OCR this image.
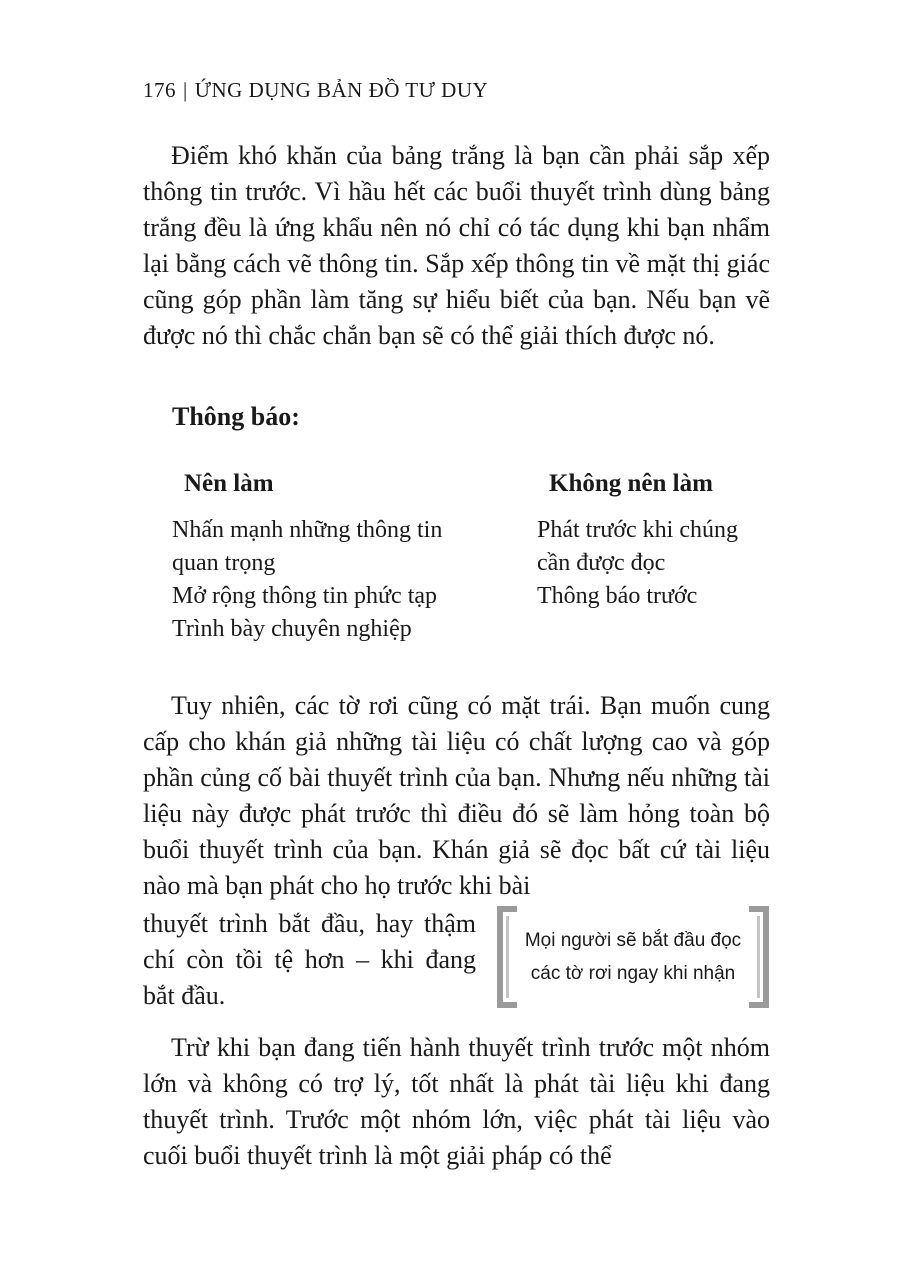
176 | ỨNG DỤNG BẢN ĐỒ TƯ DUY

Điểm khó khăn của bảng trắng là bạn cần phải sắp xếp thông tin trước. Vì hầu hết các buổi thuyết trình dùng bảng trắng đều là ứng khẩu nên nó chỉ có tác dụng khi bạn nhẩm lại bằng cách vẽ thông tin. Sắp xếp thông tin về mặt thị giác cũng góp phần làm tăng sự hiểu biết của bạn. Nếu bạn vẽ được nó thì chắc chắn bạn sẽ có thể giải thích được nó.

Thông báo:
Nên làm
Nhấn mạnh những thông tin quan trọng
Mở rộng thông tin phức tạp
Trình bày chuyên nghiệp
Không nên làm
Phát trước khi chúng cần được đọc
Thông báo trước

Tuy nhiên, các tờ rơi cũng có mặt trái. Bạn muốn cung cấp cho khán giả những tài liệu có chất lượng cao và góp phần củng cố bài thuyết trình của bạn. Nhưng nếu những tài liệu này được phát trước thì điều đó sẽ làm hỏng toàn bộ buổi thuyết trình của bạn. Khán giả sẽ đọc bất cứ tài liệu nào mà bạn phát cho họ trước khi bài

thuyết trình bắt đầu, hay thậm chí còn tồi tệ hơn – khi đang bắt đầu.

Mọi người sẽ bắt đầu đọc
các tờ rơi ngay khi nhận

Trừ khi bạn đang tiến hành thuyết trình trước một nhóm lớn và không có trợ lý, tốt nhất là phát tài liệu khi đang thuyết trình. Trước một nhóm lớn, việc phát tài liệu vào cuối buổi thuyết trình là một giải pháp có thể
